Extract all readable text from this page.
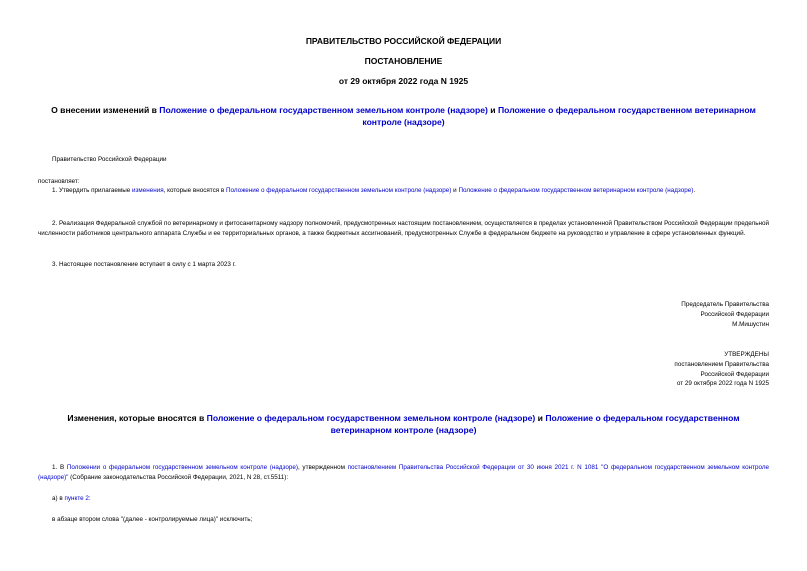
ПРАВИТЕЛЬСТВО РОССИЙСКОЙ ФЕДЕРАЦИИ
ПОСТАНОВЛЕНИЕ
от 29 октября 2022 года N 1925
О внесении изменений в Положение о федеральном государственном земельном контроле (надзоре) и Положение о федеральном государственном ветеринарном контроле (надзоре)
Правительство Российской Федерации
постановляет:
1. Утвердить прилагаемые изменения, которые вносятся в Положение о федеральном государственном земельном контроле (надзоре) и Положение о федеральном государственном ветеринарном контроле (надзоре).
2. Реализация Федеральной службой по ветеринарному и фитосанитарному надзору полномочий, предусмотренных настоящим постановлением, осуществляется в пределах установленной Правительством Российской Федерации предельной численности работников центрального аппарата Службы и ее территориальных органов, а также бюджетных ассигнований, предусмотренных Службе в федеральном бюджете на руководство и управление в сфере установленных функций.
3. Настоящее постановление вступает в силу с 1 марта 2023 г.
Председатель Правительства
Российской Федерации
М.Мишустин
УТВЕРЖДЕНЫ
постановлением Правительства
Российской Федерации
от 29 октября 2022 года N 1925
Изменения, которые вносятся в Положение о федеральном государственном земельном контроле (надзоре) и Положение о федеральном государственном ветеринарном контроле (надзоре)
1. В Положении о федеральном государственном земельном контроле (надзоре), утвержденном постановлением Правительства Российской Федерации от 30 июня 2021 г. N 1081 "О федеральном государственном земельном контроле (надзоре)" (Собрание законодательства Российской Федерации, 2021, N 28, ст.5511):
а) в пункте 2:
в абзаце втором слова "(далее - контролируемые лица)" исключить;
